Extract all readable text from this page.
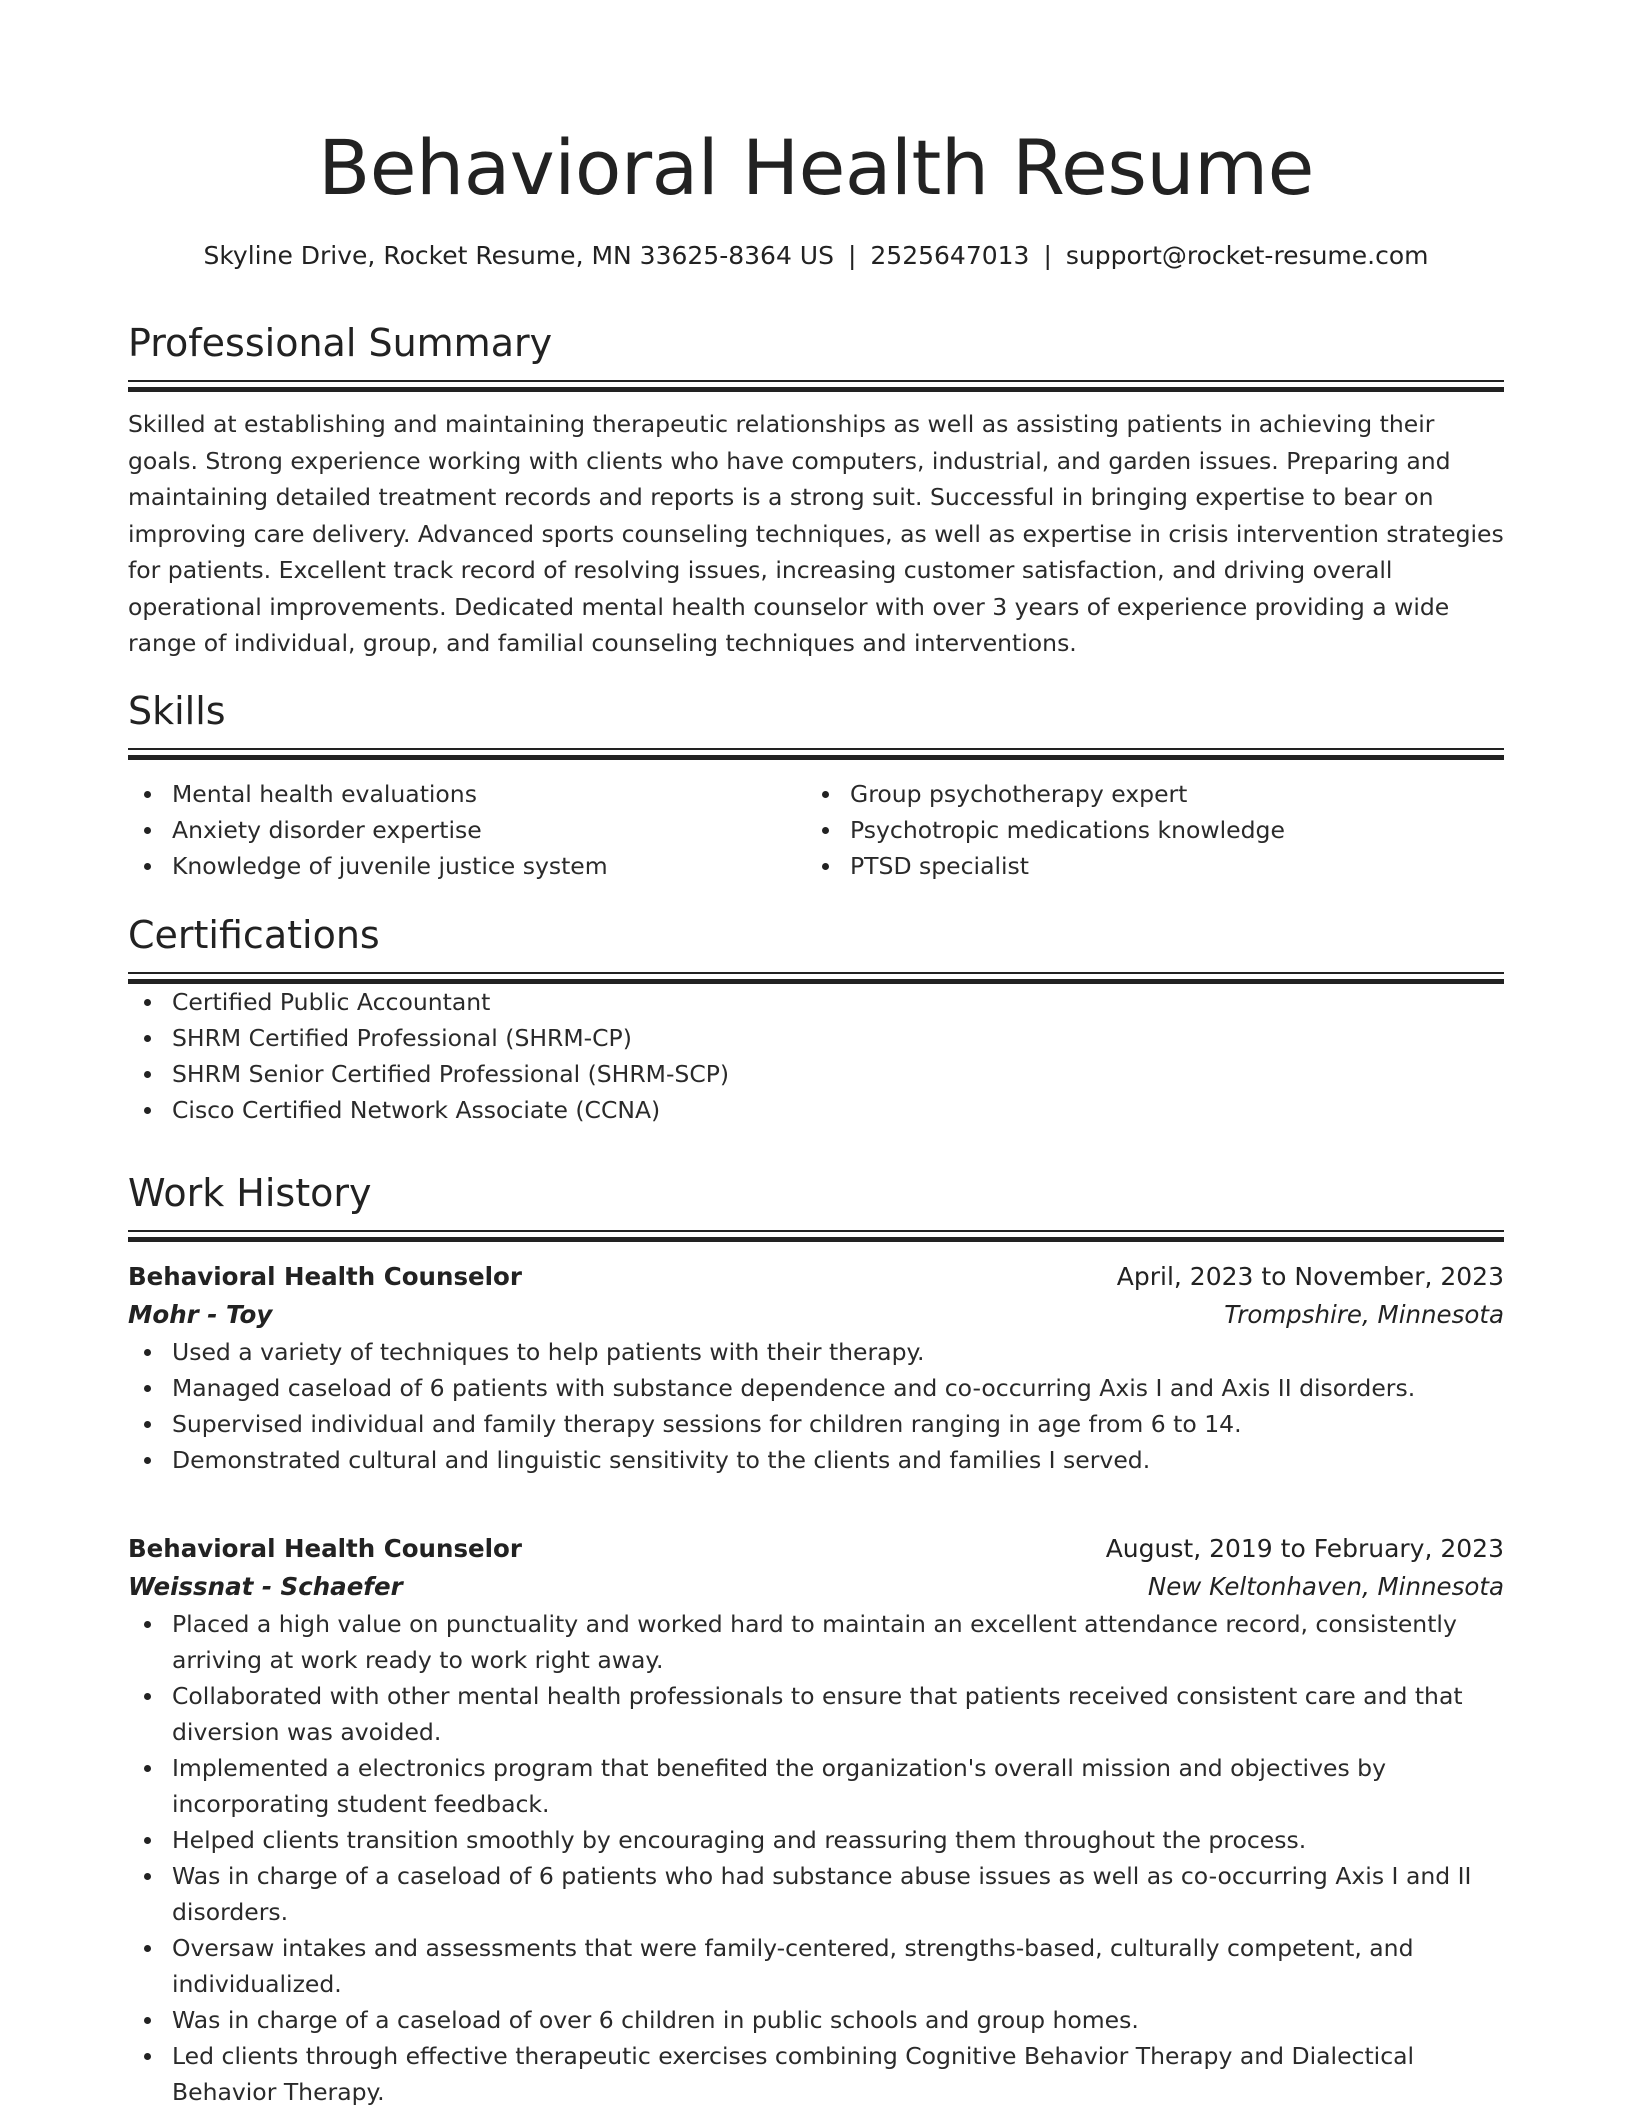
Behavioral Health Resume
Skyline Drive, Rocket Resume, MN 33625-8364 US | 2525647013 | support@rocket-resume.com
Professional Summary
Skilled at establishing and maintaining therapeutic relationships as well as assisting patients in achieving their goals. Strong experience working with clients who have computers, industrial, and garden issues. Preparing and maintaining detailed treatment records and reports is a strong suit. Successful in bringing expertise to bear on improving care delivery. Advanced sports counseling techniques, as well as expertise in crisis intervention strategies for patients. Excellent track record of resolving issues, increasing customer satisfaction, and driving overall operational improvements. Dedicated mental health counselor with over 3 years of experience providing a wide range of individual, group, and familial counseling techniques and interventions.
Skills
Mental health evaluations
Anxiety disorder expertise
Knowledge of juvenile justice system
Group psychotherapy expert
Psychotropic medications knowledge
PTSD specialist
Certifications
Certified Public Accountant
SHRM Certified Professional (SHRM-CP)
SHRM Senior Certified Professional (SHRM-SCP)
Cisco Certified Network Associate (CCNA)
Work History
Behavioral Health Counselor	April, 2023 to November, 2023
Mohr - Toy	Trompshire, Minnesota
Used a variety of techniques to help patients with their therapy.
Managed caseload of 6 patients with substance dependence and co-occurring Axis I and Axis II disorders.
Supervised individual and family therapy sessions for children ranging in age from 6 to 14.
Demonstrated cultural and linguistic sensitivity to the clients and families I served.
Behavioral Health Counselor	August, 2019 to February, 2023
Weissnat - Schaefer	New Keltonhaven, Minnesota
Placed a high value on punctuality and worked hard to maintain an excellent attendance record, consistently arriving at work ready to work right away.
Collaborated with other mental health professionals to ensure that patients received consistent care and that diversion was avoided.
Implemented a electronics program that benefited the organization's overall mission and objectives by incorporating student feedback.
Helped clients transition smoothly by encouraging and reassuring them throughout the process.
Was in charge of a caseload of 6 patients who had substance abuse issues as well as co-occurring Axis I and II disorders.
Oversaw intakes and assessments that were family-centered, strengths-based, culturally competent, and individualized.
Was in charge of a caseload of over 6 children in public schools and group homes.
Led clients through effective therapeutic exercises combining Cognitive Behavior Therapy and Dialectical Behavior Therapy.
